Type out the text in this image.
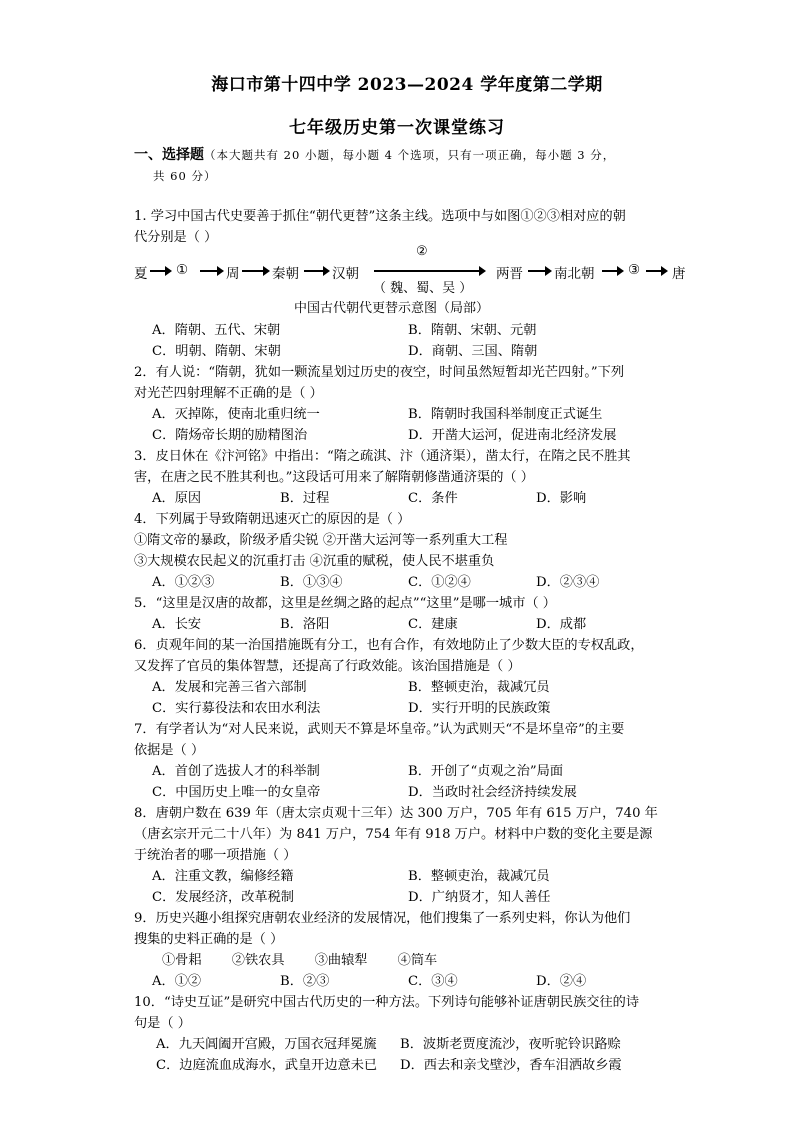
海口市第十四中学 2023—2024 学年度第二学期
七年级历史第一次课堂练习
一、选择题（本大题共有 20 小题，每小题 4 个选项，只有一项正确，每小题 3 分，
共 60 分）
1. 学习中国古代史要善于抓住“朝代更替”这条主线。选项中与如图①②③相对应的朝
代分别是（ ）
夏 ①	周 秦朝 汉朝
②
（ 魏、蜀、吴 ）
两晋 南北朝 ③ 唐
中国古代朝代更替示意图（局部）
A．隋朝、五代、宋朝	B．隋朝、宋朝、元朝
C．明朝、隋朝、宋朝	D．商朝、三国、隋朝
2．有人说：“隋朝，犹如一颗流星划过历史的夜空，时间虽然短暂却光芒四射。”下列
对光芒四射理解不正确的是（ ）
A．灭掉陈，使南北重归统一	B．隋朝时我国科举制度正式诞生
C．隋炀帝长期的励精图治	D．开凿大运河，促进南北经济发展
3．皮日休在《汴河铭》中指出：“隋之疏淇、汴（通济渠），凿太行，在隋之民不胜其
害，在唐之民不胜其利也。”这段话可用来了解隋朝修凿通济渠的（ ）
A．原因	B．过程	C．条件	D．影响
4．下列属于导致隋朝迅速灭亡的原因的是（ ）
①隋文帝的暴政，阶级矛盾尖锐 ②开凿大运河等一系列重大工程
③大规模农民起义的沉重打击 ④沉重的赋税，使人民不堪重负
A．①②③	B．①③④	C．①②④	D．②③④
5．“这里是汉唐的故都，这里是丝绸之路的起点”“这里”是哪一城市（ ）
A．长安	B．洛阳	C．建康	D．成都
6．贞观年间的某一治国措施既有分工，也有合作，有效地防止了少数大臣的专权乱政，
又发挥了官员的集体智慧，还提高了行政效能。该治国措施是（ ）
A．发展和完善三省六部制	B．整顿吏治，裁减冗员
C．实行募役法和农田水利法	D．实行开明的民族政策
7．有学者认为“对人民来说，武则天不算是坏皇帝。”认为武则天“不是坏皇帝”的主要
依据是（ ）
A．首创了选拔人才的科举制	B．开创了“贞观之治”局面
C．中国历史上唯一的女皇帝	D．当政时社会经济持续发展
8．唐朝户数在 639 年（唐太宗贞观十三年）达 300 万户，705 年有 615 万户，740 年
（唐玄宗开元二十八年）为 841 万户，754 年有 918 万户。材料中户数的变化主要是源
于统治者的哪一项措施（ ）
A．注重文教，编修经籍	B．整顿吏治，裁减冗员
C．发展经济，改革税制	D．广纳贤才，知人善任
9．历史兴趣小组探究唐朝农业经济的发展情况，他们搜集了一系列史料，你认为他们
搜集的史料正确的是（ ）
①骨耜 ②铁农具 ③曲辕犁 ④筒车
A．①②	B．②③	C．③④	D．②④
10．“诗史互证”是研究中国古代历史的一种方法。下列诗句能够补证唐朝民族交往的诗
句是（ ）
A．九天阊阖开宫殿，万国衣冠拜冕旒	B．波斯老贾度流沙，夜听驼铃识路赊
C．边庭流血成海水，武皇开边意未已	D．西去和亲戈壁沙，香车泪洒故乡霞
